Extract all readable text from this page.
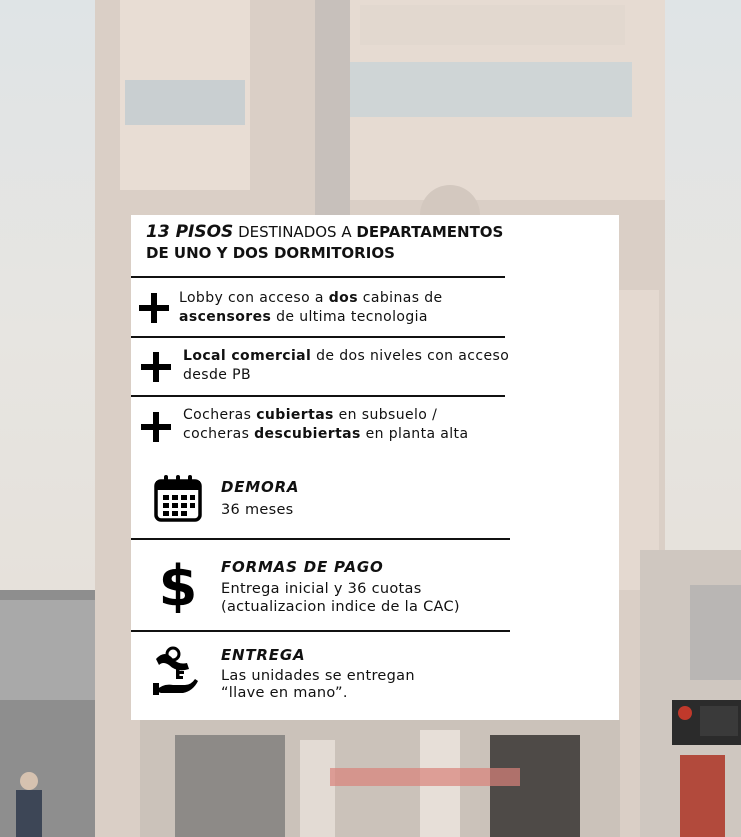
13 PISOS DESTINADOS A DEPARTAMENTOS
DE UNO Y DOS DORMITORIOS
Lobby con acceso a dos cabinas de
ascensores de ultima tecnologia
Local comercial de dos niveles con acceso
desde PB
Cocheras cubiertas en subsuelo /
cocheras descubiertas en planta alta
DEMORA
36 meses
$ FORMAS DE PAGO
Entrega inicial y 36 cuotas
(actualizacion indice de la CAC)
ENTREGA
Las unidades se entregan
“llave en mano”.
